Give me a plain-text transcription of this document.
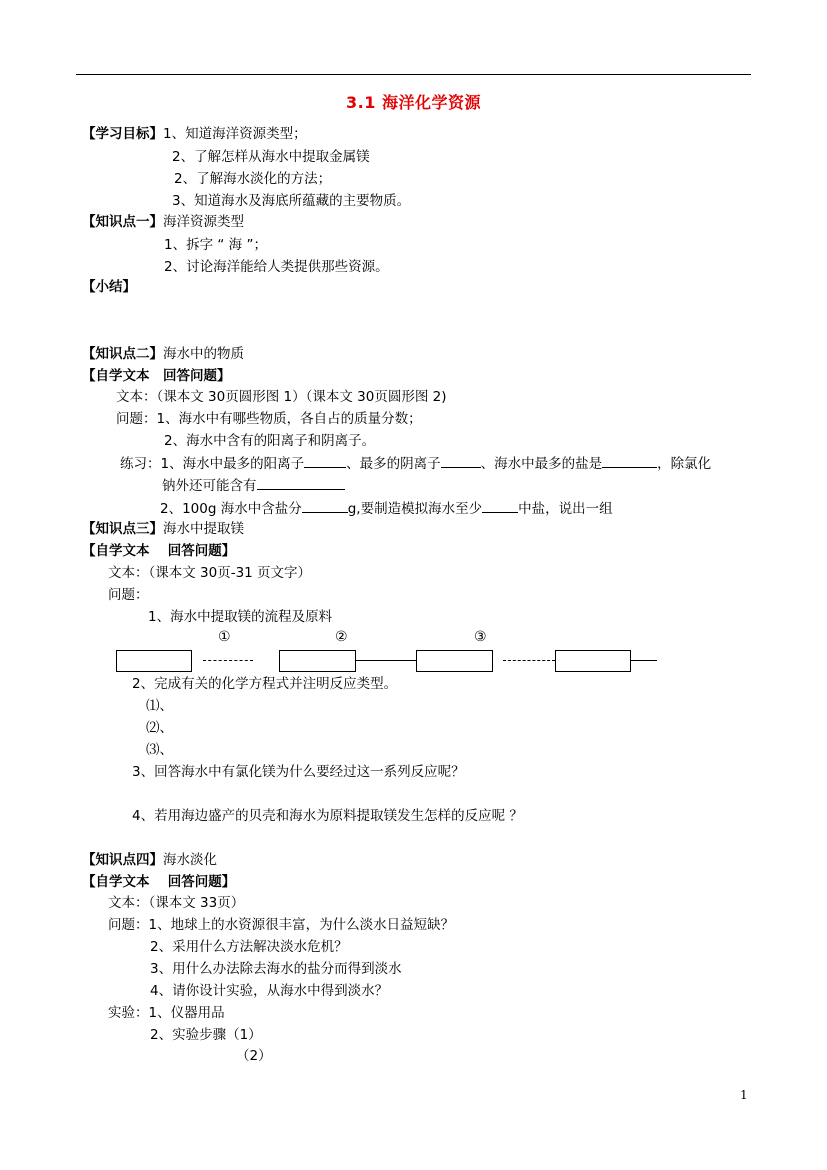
3.1 海洋化学资源
【学习目标】1、知道海洋资源类型；
2、了解怎样从海水中提取金属镁
2、了解海水淡化的方法；
3、知道海水及海底所蕴藏的主要物质。
【知识点一】海洋资源类型
1、拆字 “ 海 ”；
2、讨论海洋能给人类提供那些资源。
【小结】
【知识点二】海水中的物质
【自学文本　回答问题】
文本：（课本文 30页圆形图 1）（课本文 30页圆形图 2)
问题：1、海水中有哪些物质，各自占的质量分数；
2、海水中含有的阳离子和阴离子。
练习：1、海水中最多的阳离子	、最多的阴离子	、海水中最多的盐是	，除氯化
钠外还可能含有
2、100g 海水中含盐分	g,要制造模拟海水至少	中盐，说出一组
【知识点三】海水中提取镁
【自学文本　 回答问题】
文本：（课本文 30页-31 页文字）
问题：
1、海水中提取镁的流程及原料
①	②	③
2、完成有关的化学方程式并注明反应类型。
⑴、
⑵、
⑶、
3、回答海水中有氯化镁为什么要经过这一系列反应呢？
4、若用海边盛产的贝壳和海水为原料提取镁发生怎样的反应呢 ？
【知识点四】海水淡化
【自学文本　 回答问题】
文本：（课本文 33页）
问题：1、地球上的水资源很丰富，为什么淡水日益短缺？
2、采用什么方法解决淡水危机？
3、用什么办法除去海水的盐分而得到淡水
4、请你设计实验，从海水中得到淡水？
实验：1、仪器用品
2、实验步骤（1）
（2）
1
